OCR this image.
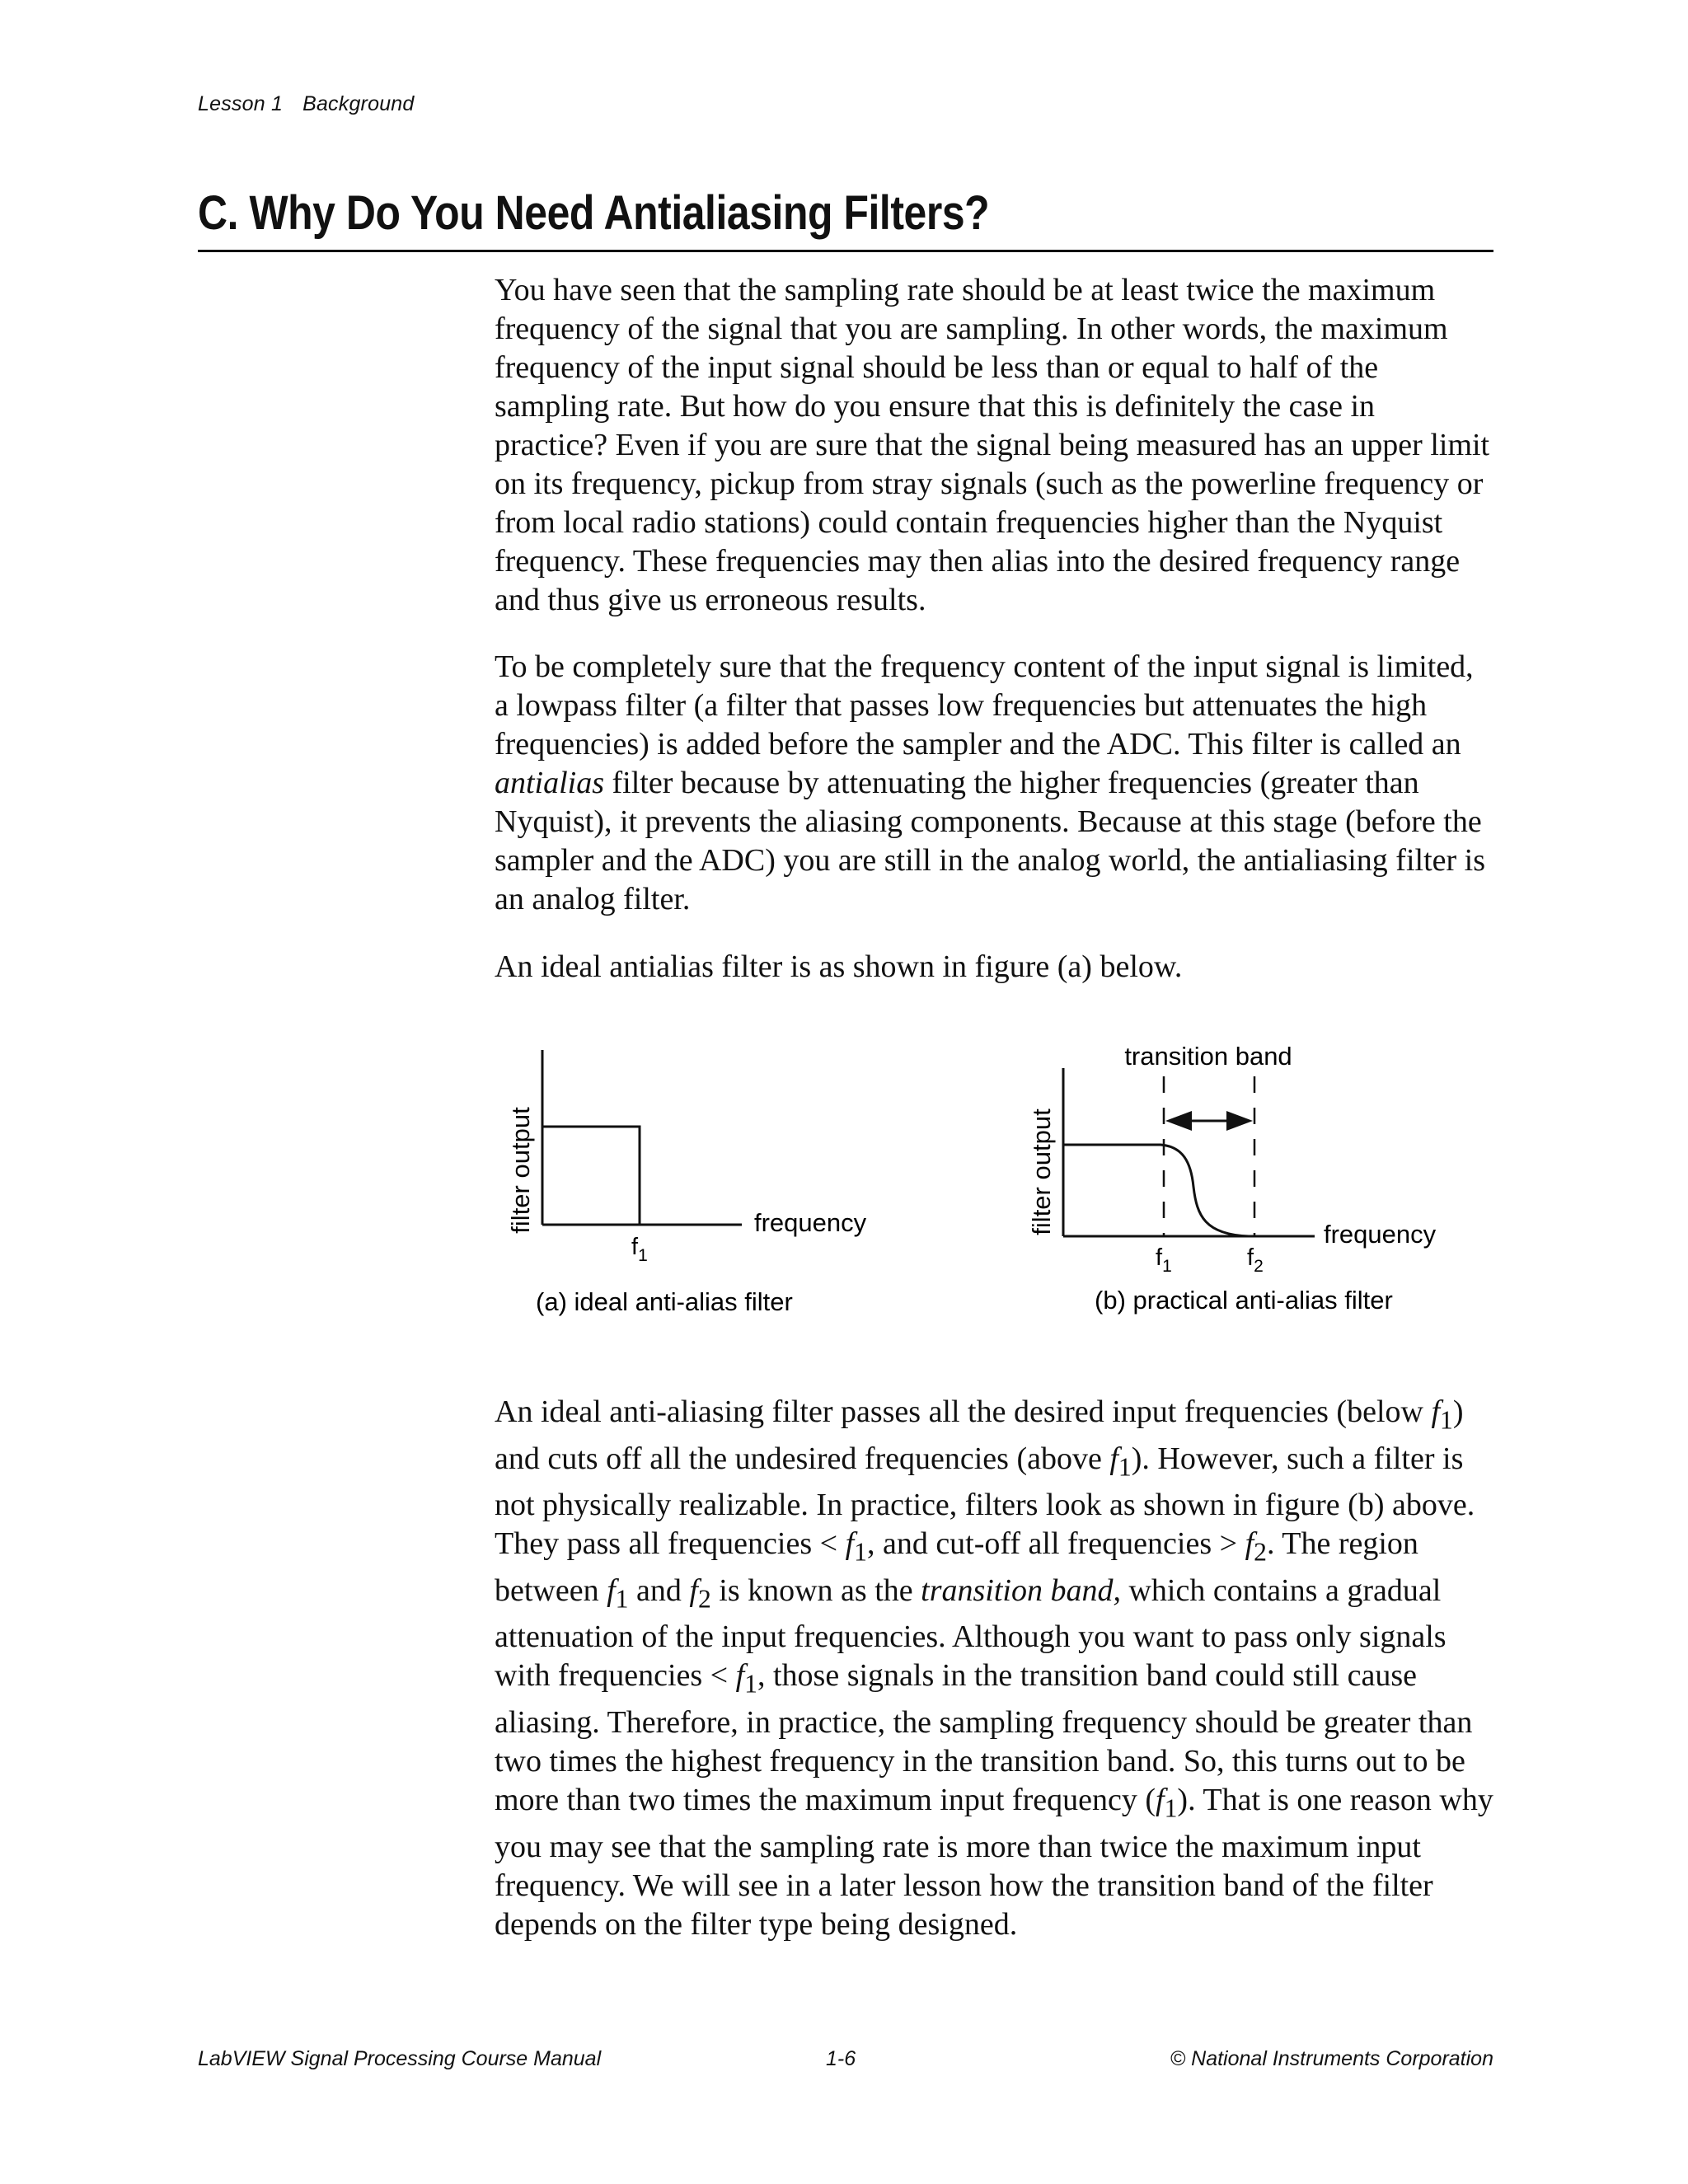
Lesson 1 Background
C. Why Do You Need Antialiasing Filters?

You have seen that the sampling rate should be at least twice the maximum frequency of the signal that you are sampling. In other words, the maximum frequency of the input signal should be less than or equal to half of the sampling rate. But how do you ensure that this is definitely the case in practice? Even if you are sure that the signal being measured has an upper limit on its frequency, pickup from stray signals (such as the powerline frequency or from local radio stations) could contain frequencies higher than the Nyquist frequency. These frequencies may then alias into the desired frequency range and thus give us erroneous results.

To be completely sure that the frequency content of the input signal is limited, a lowpass filter (a filter that passes low frequencies but attenuates the high frequencies) is added before the sampler and the ADC. This filter is called an antialias filter because by attenuating the higher frequencies (greater than Nyquist), it prevents the aliasing components. Because at this stage (before the sampler and the ADC) you are still in the analog world, the antialiasing filter is an analog filter.

An ideal antialias filter is as shown in figure (a) below.

filter output	frequency
$f_1$
(a) ideal anti-alias filter
transition band
filter output	frequency
$f_1$	$f_2$
(b) practical anti-alias filter

An ideal anti-aliasing filter passes all the desired input frequencies (below $f_1$) and cuts off all the undesired frequencies (above $f_1$). However, such a filter is not physically realizable. In practice, filters look as shown in figure (b) above. They pass all frequencies < $f_1$, and cut-off all frequencies > $f_2$. The region between $f_1$ and $f_2$ is known as the transition band, which contains a gradual attenuation of the input frequencies. Although you want to pass only signals with frequencies < $f_1$, those signals in the transition band could still cause aliasing. Therefore, in practice, the sampling frequency should be greater than two times the highest frequency in the transition band. So, this turns out to be more than two times the maximum input frequency $(f_1)$. That is one reason why you may see that the sampling rate is more than twice the maximum input frequency. We will see in a later lesson how the transition band of the filter depends on the filter type being designed.

LabVIEW Signal Processing Course Manual	1-6	© National Instruments Corporation
